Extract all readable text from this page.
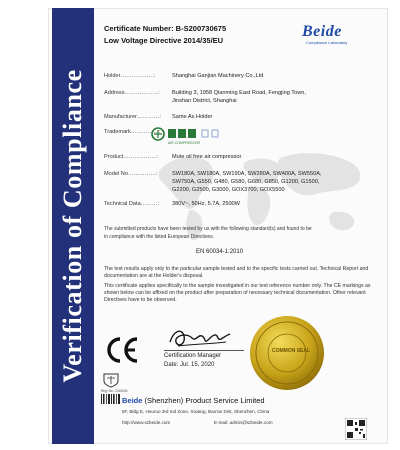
Verification of Compliance
Certificate Number: B-S200730675
Low Voltage Directive 2014/35/EU
Beide
Compliance Laboratory
Holder………………:	Shanghai Ganjian Machinery Co.,Ltd
Address………………: Building 3, 1958 Qianming East Road, Fengjing Town,
Jinshan District, Shanghai
Manufacturer…………: Same As Holder
Trademark……………:
AIR COMPRESSOR
Product………………: Mute oil free air compressor
Model No……………:	SW180A, SW180A, SW190A, SW280A, SW400A, SW550A,
SW750A, G550, G480, G580, G680, G850, G1200, G1500,
G2200, G2500, G3000, GOX3700, GOX5500
Technical Data………: 380V~, 50Hz, 5.7A, 2500W
The submitted products have been tested by us with the following standard(s) and found to be
in compliance with the listed European Directives.
EN 60034-1:2010
The test results apply only to the particular sample tested and to the specific tests carried out. Technical Report and documentation are at the Holder's disposal.
This certificate applies specifically to the sample investigated in our test reference number only. The CE markings as shown below can be affixed on the product after preparation of necessary technical documentation. Other relevant Directives have to be observed.
Certification Manager
Date: Jul. 15, 2020
COMMON SEAL
Reg. No.: 2110004
Beide (Shenzhen) Product Service Limited
6F, Bldg E, Houruo 3rd Ind Zone, Xixiang, Bao'an Dist, Shenzhen, China
http://www.szbeide.com	E-mail: admin@szbeide.com
